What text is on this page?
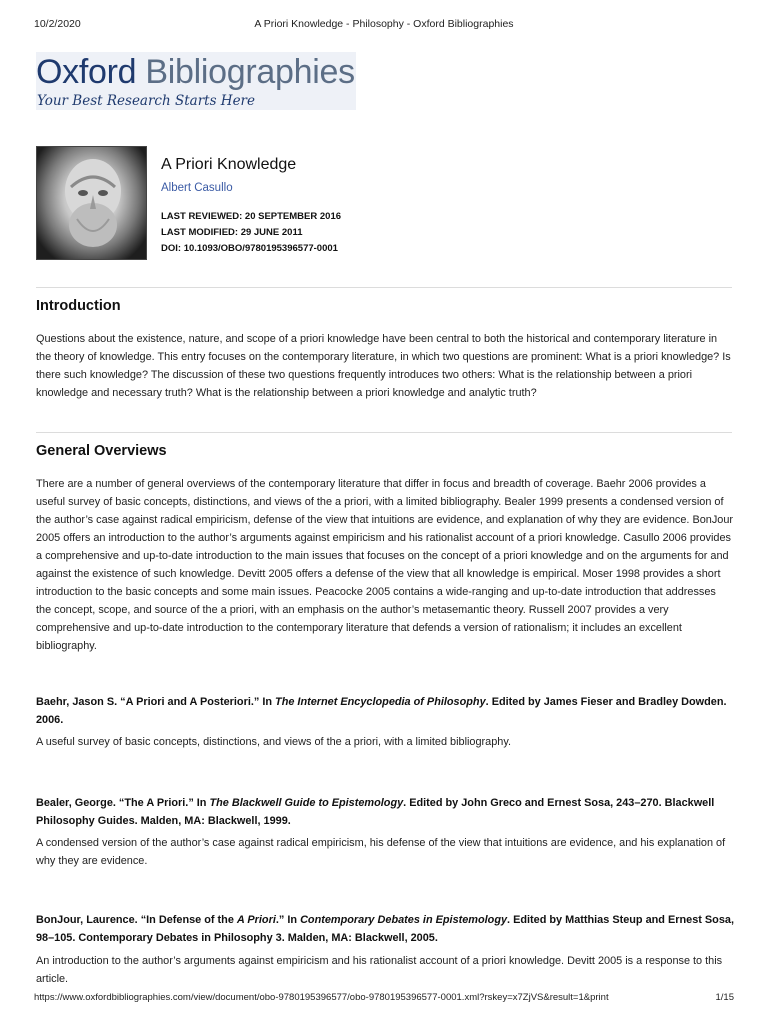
10/2/2020	A Priori Knowledge - Philosophy - Oxford Bibliographies
Oxford Bibliographies
Your Best Research Starts Here
A Priori Knowledge
Albert Casullo
LAST REVIEWED: 20 SEPTEMBER 2016
LAST MODIFIED: 29 JUNE 2011
DOI: 10.1093/OBO/9780195396577-0001
Introduction

Questions about the existence, nature, and scope of a priori knowledge have been central to both the historical and contemporary literature in the theory of knowledge. This entry focuses on the contemporary literature, in which two questions are prominent: What is a priori knowledge? Is there such knowledge? The discussion of these two questions frequently introduces two others: What is the relationship between a priori knowledge and necessary truth? What is the relationship between a priori knowledge and analytic truth?

General Overviews

There are a number of general overviews of the contemporary literature that differ in focus and breadth of coverage. Baehr 2006 provides a useful survey of basic concepts, distinctions, and views of the a priori, with a limited bibliography. Bealer 1999 presents a condensed version of the author’s case against radical empiricism, defense of the view that intuitions are evidence, and explanation of why they are evidence. BonJour 2005 offers an introduction to the author’s arguments against empiricism and his rationalist account of a priori knowledge. Casullo 2006 provides a comprehensive and up-to-date introduction to the main issues that focuses on the concept of a priori knowledge and on the arguments for and against the existence of such knowledge. Devitt 2005 offers a defense of the view that all knowledge is empirical. Moser 1998 provides a short introduction to the basic concepts and some main issues. Peacocke 2005 contains a wide-ranging and up-to-date introduction that addresses the concept, scope, and source of the a priori, with an emphasis on the author’s metasemantic theory. Russell 2007 provides a very comprehensive and up-to-date introduction to the contemporary literature that defends a version of rationalism; it includes an excellent bibliography.

Baehr, Jason S. “A Priori and A Posteriori.” In The Internet Encyclopedia of Philosophy. Edited by James Fieser and Bradley Dowden. 2006.

A useful survey of basic concepts, distinctions, and views of the a priori, with a limited bibliography.

Bealer, George. “The A Priori.” In The Blackwell Guide to Epistemology. Edited by John Greco and Ernest Sosa, 243–270. Blackwell Philosophy Guides. Malden, MA: Blackwell, 1999.

A condensed version of the author’s case against radical empiricism, his defense of the view that intuitions are evidence, and his explanation of why they are evidence.

BonJour, Laurence. “In Defense of the A Priori.” In Contemporary Debates in Epistemology. Edited by Matthias Steup and Ernest Sosa, 98–105. Contemporary Debates in Philosophy 3. Malden, MA: Blackwell, 2005.

An introduction to the author’s arguments against empiricism and his rationalist account of a priori knowledge. Devitt 2005 is a response to this article.

https://www.oxfordbibliographies.com/view/document/obo-9780195396577/obo-9780195396577-0001.xml?rskey=x7ZjVS&result=1&print	1/15
